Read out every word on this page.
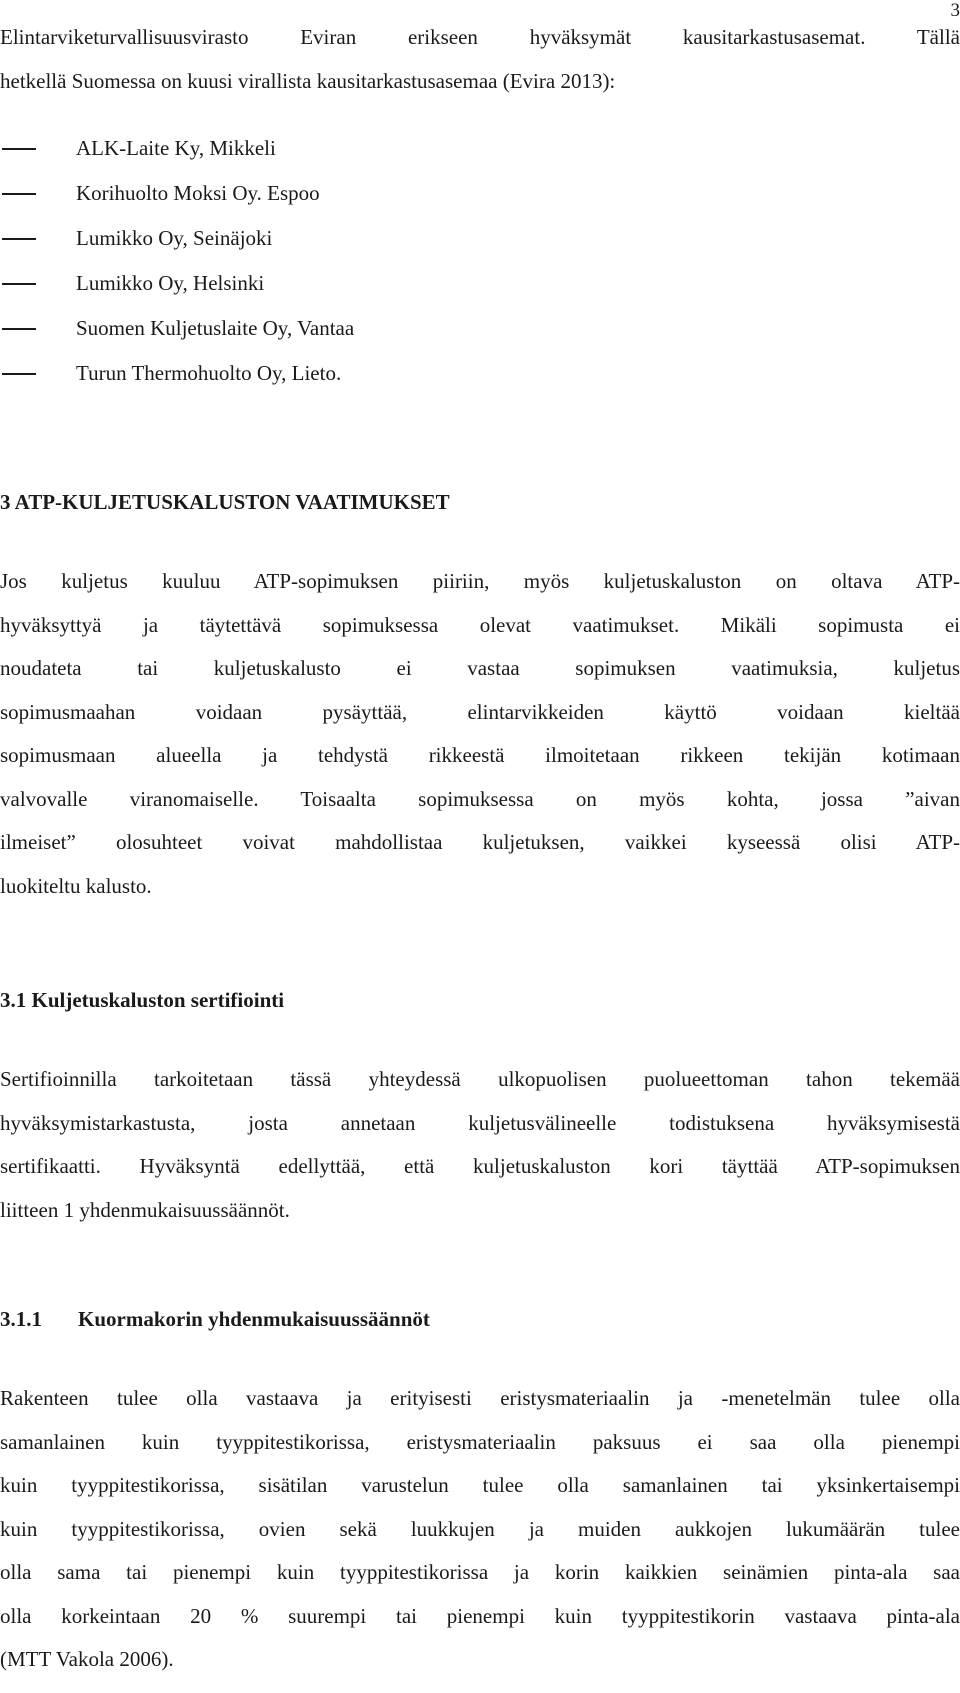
3
Elintarviketurvallisuusvirasto Eviran erikseen hyväksymät kausitarkastusasemat. Tällä
hetkellä Suomessa on kuusi virallista kausitarkastusasemaa (Evira 2013):
ALK-Laite Ky, Mikkeli
Korihuolto Moksi Oy. Espoo
Lumikko Oy, Seinäjoki
Lumikko Oy, Helsinki
Suomen Kuljetuslaite Oy, Vantaa
Turun Thermohuolto Oy, Lieto.
3 ATP-KULJETUSKALUSTON VAATIMUKSET
Jos kuljetus kuuluu ATP-sopimuksen piiriin, myös kuljetuskaluston on oltava ATP-
hyväksyttyä ja täytettävä sopimuksessa olevat vaatimukset. Mikäli sopimusta ei
noudateta tai kuljetuskalusto ei vastaa sopimuksen vaatimuksia, kuljetus
sopimusmaahan voidaan pysäyttää, elintarvikkeiden käyttö voidaan kieltää
sopimusmaan alueella ja tehdystä rikkeestä ilmoitetaan rikkeen tekijän kotimaan
valvovalle viranomaiselle. Toisaalta sopimuksessa on myös kohta, jossa ”aivan
ilmeiset” olosuhteet voivat mahdollistaa kuljetuksen, vaikkei kyseessä olisi ATP-
luokiteltu kalusto.
3.1 Kuljetuskaluston sertifiointi
Sertifioinnilla tarkoitetaan tässä yhteydessä ulkopuolisen puolueettoman tahon tekemää
hyväksymistarkastusta, josta annetaan kuljetusvälineelle todistuksena hyväksymisestä
sertifikaatti. Hyväksyntä edellyttää, että kuljetuskaluston kori täyttää ATP-sopimuksen
liitteen 1 yhdenmukaisuussäännöt.
3.1.1 Kuormakorin yhdenmukaisuussäännöt
Rakenteen tulee olla vastaava ja erityisesti eristysmateriaalin ja -menetelmän tulee olla
samanlainen kuin tyyppitestikorissa, eristysmateriaalin paksuus ei saa olla pienempi
kuin tyyppitestikorissa, sisätilan varustelun tulee olla samanlainen tai yksinkertaisempi
kuin tyyppitestikorissa, ovien sekä luukkujen ja muiden aukkojen lukumäärän tulee
olla sama tai pienempi kuin tyyppitestikorissa ja korin kaikkien seinämien pinta-ala saa
olla korkeintaan 20 % suurempi tai pienempi kuin tyyppitestikorin vastaava pinta-ala
(MTT Vakola 2006).
